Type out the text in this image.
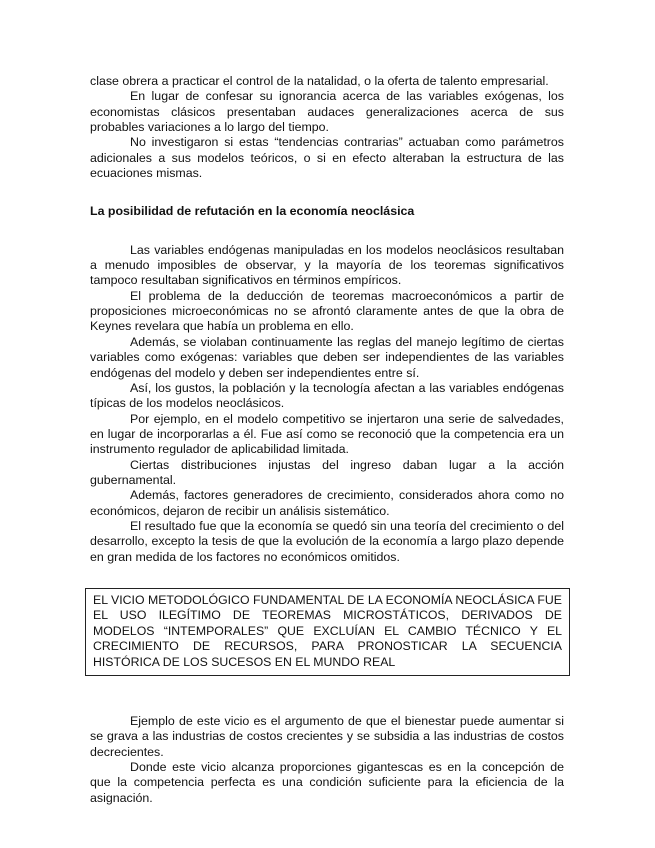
clase obrera a practicar el control de la natalidad, o la oferta de talento empresarial.

En lugar de confesar su ignorancia acerca de las variables exógenas, los economistas clásicos presentaban audaces generalizaciones acerca de sus probables variaciones a lo largo del tiempo.

No investigaron si estas “tendencias contrarias” actuaban como parámetros adicionales a sus modelos teóricos, o si en efecto alteraban la estructura de las ecuaciones mismas.

La posibilidad de refutación en la economía neoclásica

Las variables endógenas manipuladas en los modelos neoclásicos resultaban a menudo imposibles de observar, y la mayoría de los teoremas significativos tampoco resultaban significativos en términos empíricos.

El problema de la deducción de teoremas macroeconómicos a partir de proposiciones microeconómicas no se afrontó claramente antes de que la obra de Keynes revelara que había un problema en ello.

Además, se violaban continuamente las reglas del manejo legítimo de ciertas variables como exógenas: variables que deben ser independientes de las variables endógenas del modelo y deben ser independientes entre sí.

Así, los gustos, la población y la tecnología afectan a las variables endógenas típicas de los modelos neoclásicos.

Por ejemplo, en el modelo competitivo se injertaron una serie de salvedades, en lugar de incorporarlas a él. Fue así como se reconoció que la competencia era un instrumento regulador de aplicabilidad limitada.

Ciertas distribuciones injustas del ingreso daban lugar a la acción gubernamental.

Además, factores generadores de crecimiento, considerados ahora como no económicos, dejaron de recibir un análisis sistemático.

El resultado fue que la economía se quedó sin una teoría del crecimiento o del desarrollo, excepto la tesis de que la evolución de la economía a largo plazo depende en gran medida de los factores no económicos omitidos.

EL VICIO METODOLÓGICO FUNDAMENTAL DE LA ECONOMÍA NEOCLÁSICA FUE EL USO ILEGÍTIMO DE TEOREMAS MICROSTÁTICOS, DERIVADOS DE MODELOS “INTEMPORALES” QUE EXCLUÍAN EL CAMBIO TÉCNICO Y EL CRECIMIENTO DE RECURSOS, PARA PRONOSTICAR LA SECUENCIA HISTÓRICA DE LOS SUCESOS EN EL MUNDO REAL

Ejemplo de este vicio es el argumento de que el bienestar puede aumentar si se grava a las industrias de costos crecientes y se subsidia a las industrias de costos decrecientes.

Donde este vicio alcanza proporciones gigantescas es en la concepción de que la competencia perfecta es una condición suficiente para la eficiencia de la asignación.
